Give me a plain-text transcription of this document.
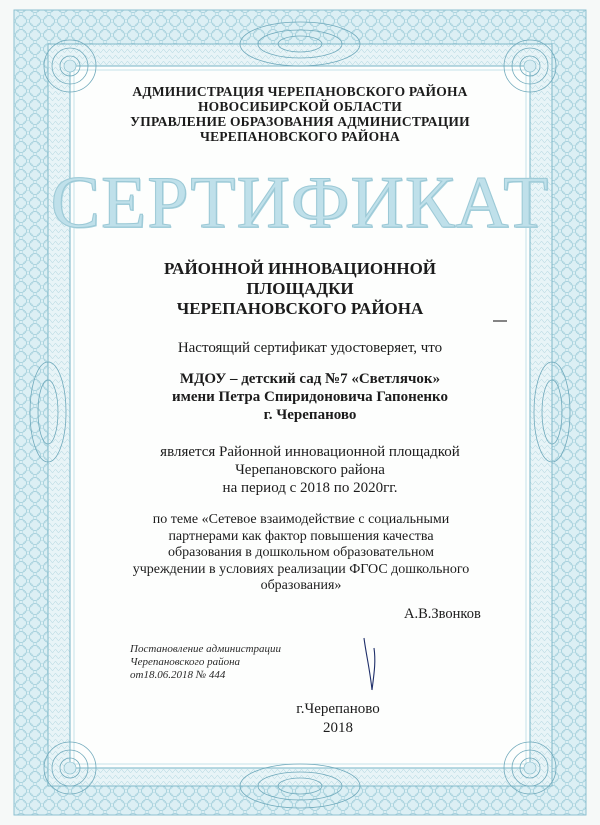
АДМИНИСТРАЦИЯ ЧЕРЕПАНОВСКОГО РАЙОНА
НОВОСИБИРСКОЙ ОБЛАСТИ
УПРАВЛЕНИЕ ОБРАЗОВАНИЯ АДМИНИСТРАЦИИ
ЧЕРЕПАНОВСКОГО РАЙОНА
СЕРТИФИКАТ
РАЙОННОЙ ИННОВАЦИОННОЙ
ПЛОЩАДКИ
ЧЕРЕПАНОВСКОГО РАЙОНА
Настоящий сертификат удостоверяет, что
МДОУ – детский сад №7 «Светлячок»
имени Петра Спиридоновича Гапоненко
г. Черепаново
является Районной инновационной площадкой
Черепановского района
на период с 2018 по 2020гг.
по теме «Сетевое взаимодействие с социальными
партнерами как фактор повышения качества
образования в дошкольном образовательном
учреждении в условиях реализации ФГОС дошкольного
образования»
А.В.Звонков
Постановление администрации
Черепановского района
от18.06.2018 № 444
г.Черепаново
2018
